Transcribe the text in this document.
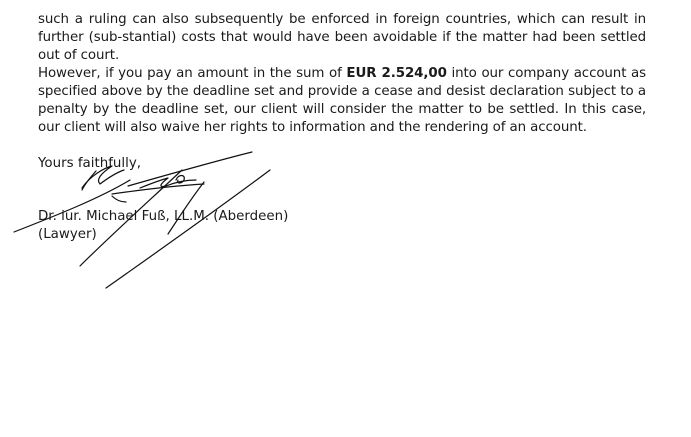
such a ruling can also subsequently be enforced in foreign countries, which can result in further (sub-stantial) costs that would have been avoidable if the matter had been settled out of court.
However, if you pay an amount in the sum of EUR 2.524,00 into our company account as specified above by the deadline set and provide a cease and desist declaration subject to a penalty by the deadline set, our client will consider the matter to be settled. In this case, our client will also waive her rights to information and the rendering of an account.
Yours faithfully,
Dr. iur. Michael Fuß, LL.M. (Aberdeen)
(Lawyer)
